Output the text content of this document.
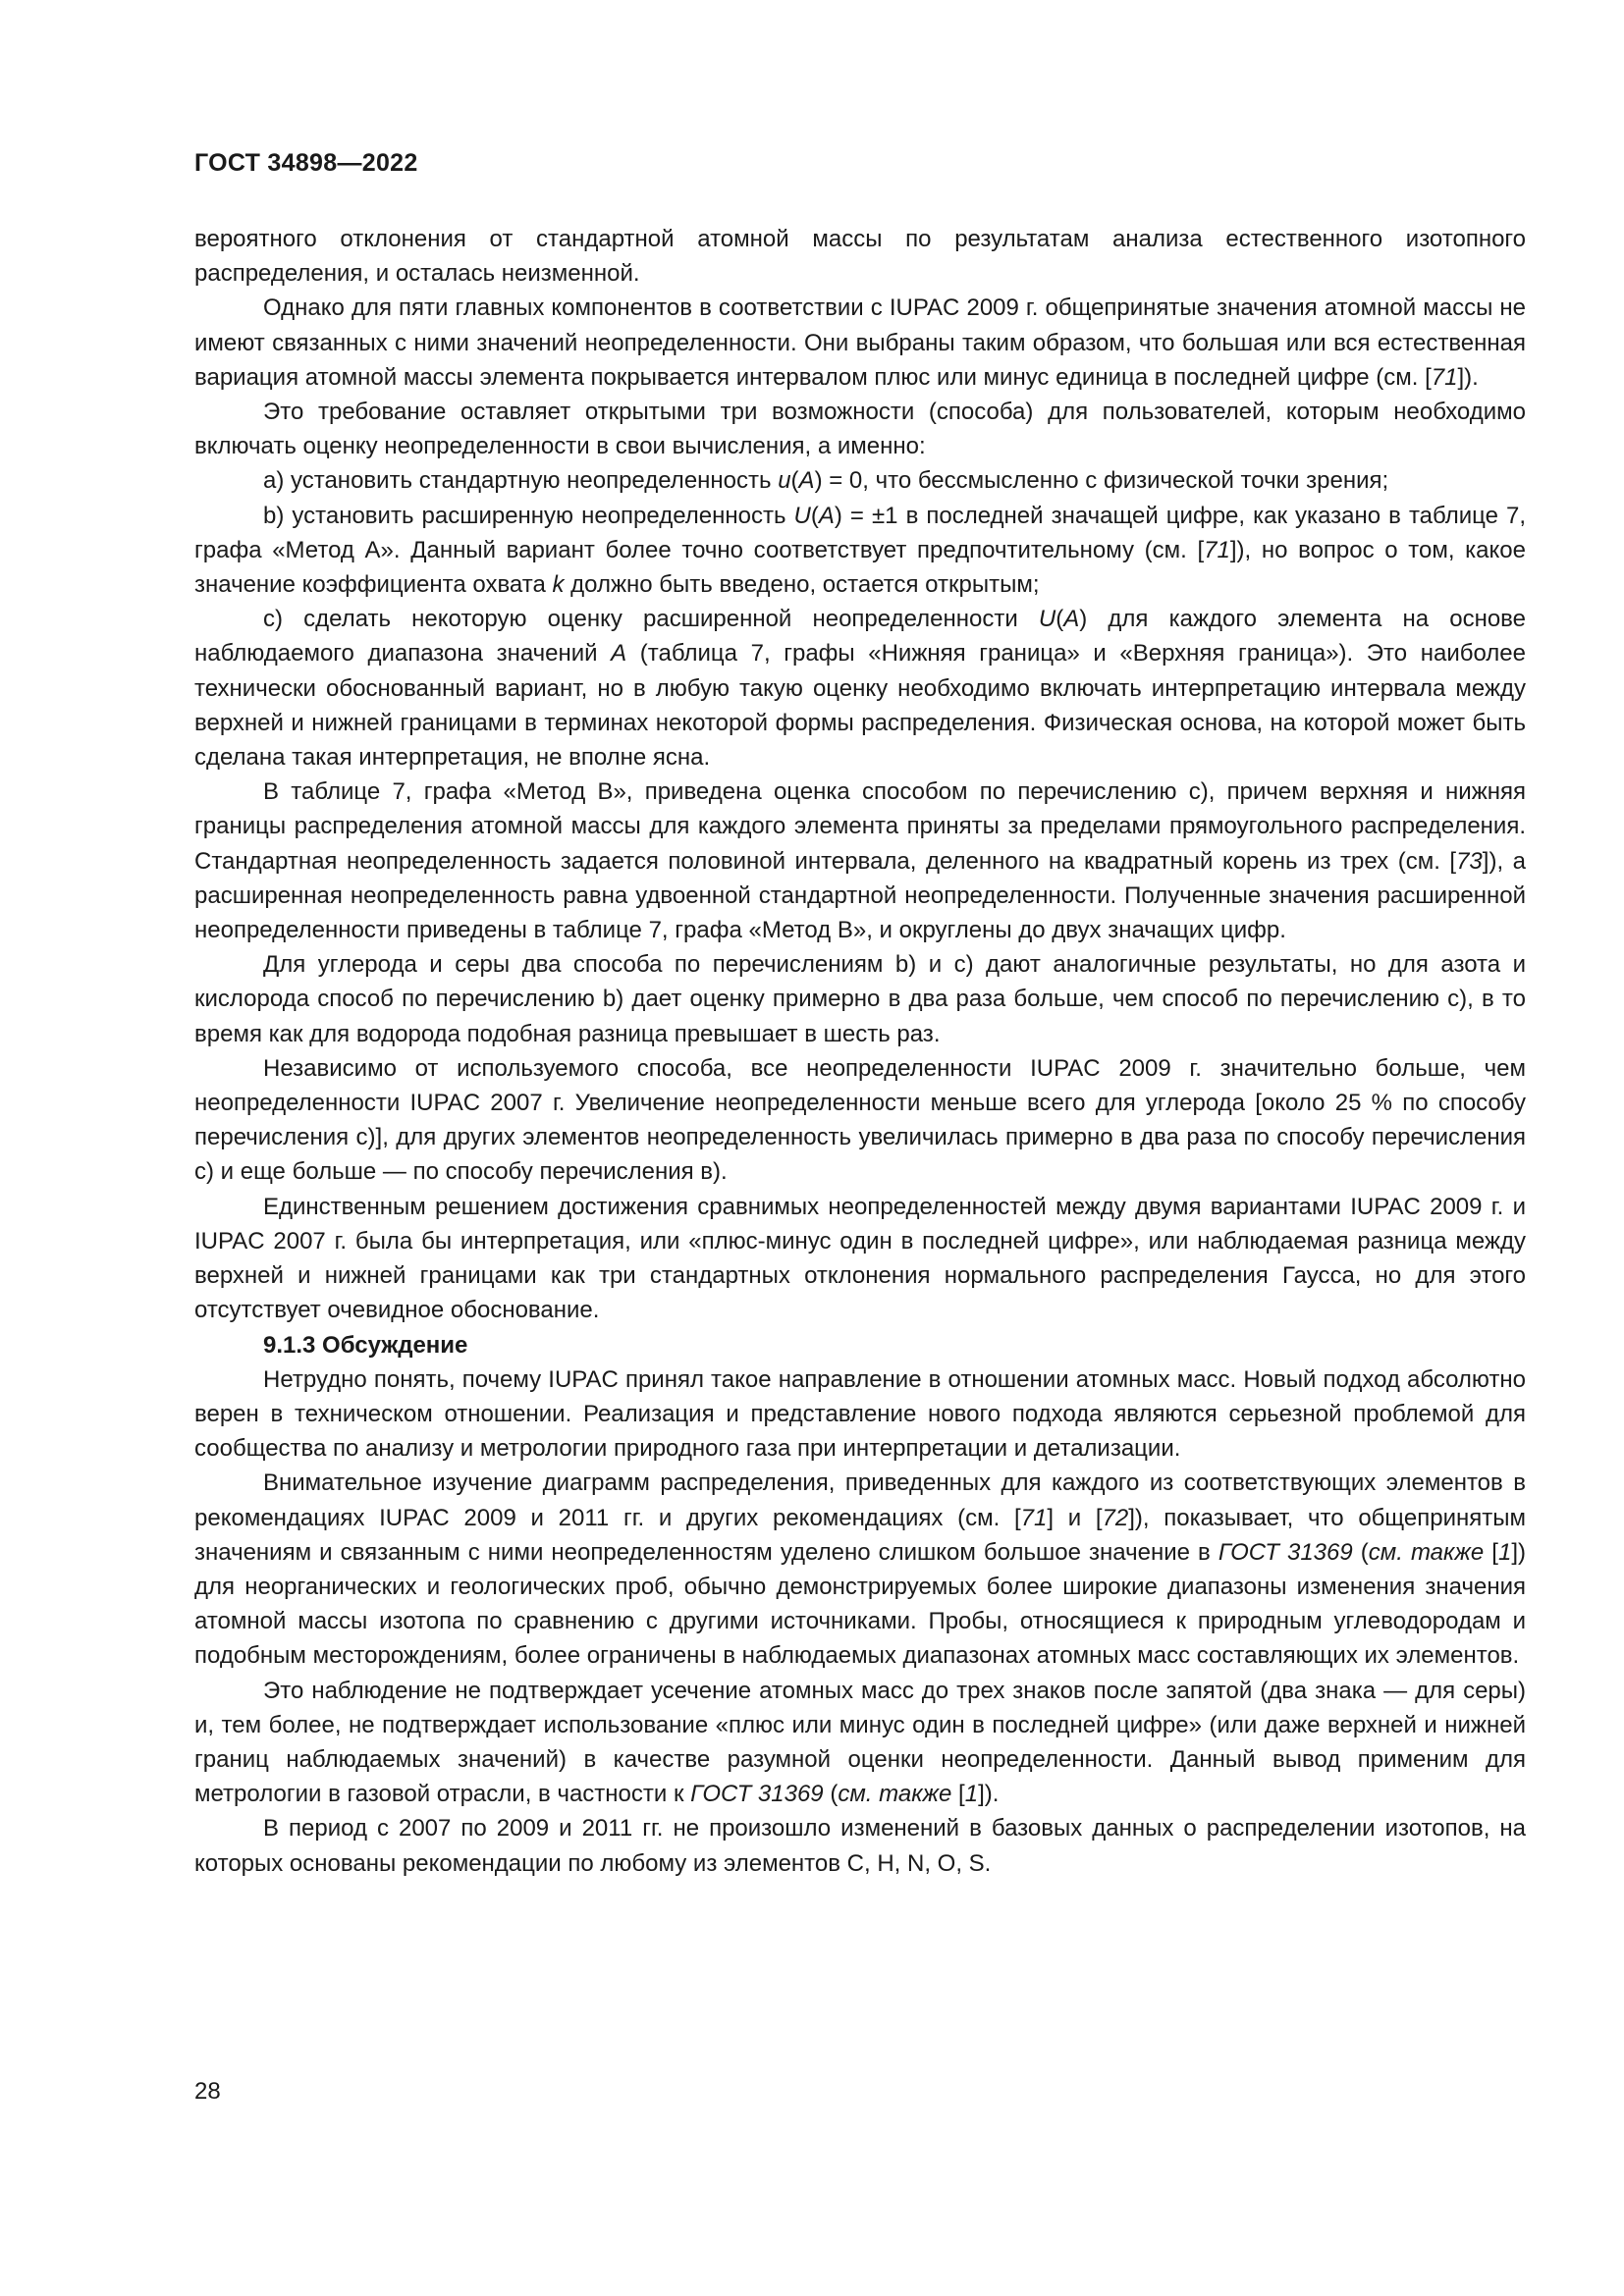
ГОСТ 34898—2022

вероятного отклонения от стандартной атомной массы по результатам анализа естественного изотопного распределения, и осталась неизменной.

Однако для пяти главных компонентов в соответствии с IUPAC 2009 г. общепринятые значения атомной массы не имеют связанных с ними значений неопределенности. Они выбраны таким образом, что большая или вся естественная вариация атомной массы элемента покрывается интервалом плюс или минус единица в последней цифре (см. [71]).

Это требование оставляет открытыми три возможности (способа) для пользователей, которым необходимо включать оценку неопределенности в свои вычисления, а именно:

a) установить стандартную неопределенность u(A) = 0, что бессмысленно с физической точки зрения;

b) установить расширенную неопределенность U(A) = ±1 в последней значащей цифре, как указано в таблице 7, графа «Метод А». Данный вариант более точно соответствует предпочтительному (см. [71]), но вопрос о том, какое значение коэффициента охвата k должно быть введено, остается открытым;

c) сделать некоторую оценку расширенной неопределенности U(A) для каждого элемента на основе наблюдаемого диапазона значений A (таблица 7, графы «Нижняя граница» и «Верхняя граница»). Это наиболее технически обоснованный вариант, но в любую такую оценку необходимо включать интерпретацию интервала между верхней и нижней границами в терминах некоторой формы распределения. Физическая основа, на которой может быть сделана такая интерпретация, не вполне ясна.

В таблице 7, графа «Метод В», приведена оценка способом по перечислению c), причем верхняя и нижняя границы распределения атомной массы для каждого элемента приняты за пределами прямоугольного распределения. Стандартная неопределенность задается половиной интервала, деленного на квадратный корень из трех (см. [73]), а расширенная неопределенность равна удвоенной стандартной неопределенности. Полученные значения расширенной неопределенности приведены в таблице 7, графа «Метод В», и округлены до двух значащих цифр.

Для углерода и серы два способа по перечислениям b) и c) дают аналогичные результаты, но для азота и кислорода способ по перечислению b) дает оценку примерно в два раза больше, чем способ по перечислению c), в то время как для водорода подобная разница превышает в шесть раз.

Независимо от используемого способа, все неопределенности IUPAC 2009 г. значительно больше, чем неопределенности IUPAC 2007 г. Увеличение неопределенности меньше всего для углерода [около 25 % по способу перечисления c)], для других элементов неопределенность увеличилась примерно в два раза по способу перечисления c) и еще больше — по способу перечисления в).

Единственным решением достижения сравнимых неопределенностей между двумя вариантами IUPAC 2009 г. и IUPAC 2007 г. была бы интерпретация, или «плюс-минус один в последней цифре», или наблюдаемая разница между верхней и нижней границами как три стандартных отклонения нормального распределения Гаусса, но для этого отсутствует очевидное обоснование.

9.1.3 Обсуждение

Нетрудно понять, почему IUPAC принял такое направление в отношении атомных масс. Новый подход абсолютно верен в техническом отношении. Реализация и представление нового подхода являются серьезной проблемой для сообщества по анализу и метрологии природного газа при интерпретации и детализации.

Внимательное изучение диаграмм распределения, приведенных для каждого из соответствующих элементов в рекомендациях IUPAC 2009 и 2011 гг. и других рекомендациях (см. [71] и [72]), показывает, что общепринятым значениям и связанным с ними неопределенностям уделено слишком большое значение в ГОСТ 31369 (см. также [1]) для неорганических и геологических проб, обычно демонстрируемых более широкие диапазоны изменения значения атомной массы изотопа по сравнению с другими источниками. Пробы, относящиеся к природным углеводородам и подобным месторождениям, более ограничены в наблюдаемых диапазонах атомных масс составляющих их элементов.

Это наблюдение не подтверждает усечение атомных масс до трех знаков после запятой (два знака — для серы) и, тем более, не подтверждает использование «плюс или минус один в последней цифре» (или даже верхней и нижней границ наблюдаемых значений) в качестве разумной оценки неопределенности. Данный вывод применим для метрологии в газовой отрасли, в частности к ГОСТ 31369 (см. также [1]).

В период с 2007 по 2009 и 2011 гг. не произошло изменений в базовых данных о распределении изотопов, на которых основаны рекомендации по любому из элементов C, H, N, O, S.

28
